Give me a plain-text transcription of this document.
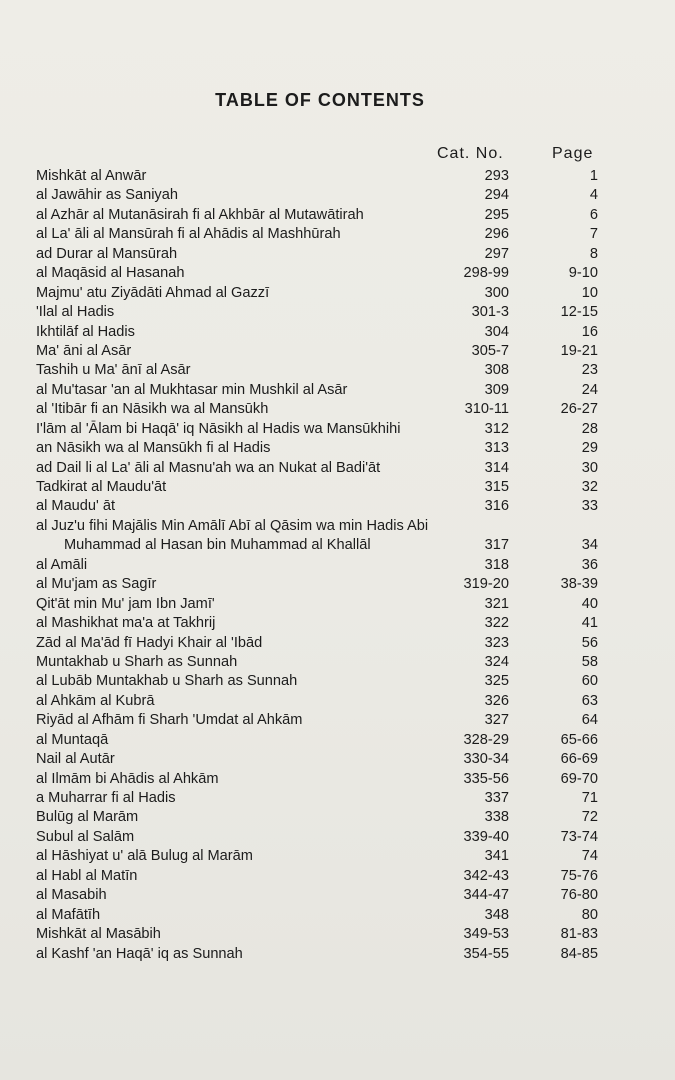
TABLE OF CONTENTS
Cat. No.	Page
Mishkāt al Anwār	293	1
al Jawāhir as Saniyah	294	4
al Azhār al Mutanāsirah fi al Akhbār al Mutawātirah	295	6
al La' āli al Mansūrah fi al Ahādis al Mashhūrah	296	7
ad Durar al Mansūrah	297	8
al Maqāsid al Hasanah	298-99	9-10
Majmu' atu Ziyādāti Ahmad al Gazzī	300	10
'Ilal al Hadis	301-3	12-15
Ikhtilāf al Hadis	304	16
Ma' āni al Asār	305-7	19-21
Tashih u Ma' ānī al Asār	308	23
al Mu'tasar 'an al Mukhtasar min Mushkil al Asār	309	24
al 'Itibār fi an Nāsikh wa al Mansūkh	310-11	26-27
I'lām al 'Ālam bi Haqā' iq Nāsikh al Hadis wa Mansūkhihi	312	28
an Nāsikh wa al Mansūkh fi al Hadis	313	29
ad Dail li al La' āli al Masnu'ah wa an Nukat al Badi'āt	314	30
Tadkirat al Maudu'āt	315	32
al Maudu' āt	316	33
al Juz'u fihi Majālis Min Amālī Abī al Qāsim wa min Hadis Abi
Muhammad al Hasan bin Muhammad al Khallāl	317	34
al Amāli	318	36
al Mu'jam as Sagīr	319-20	38-39
Qit'āt min Mu' jam Ibn Jamī'	321	40
al Mashikhat ma'a at Takhrij	322	41
Zād al Ma'ād fī Hadyi Khair al 'Ibād	323	56
Muntakhab u Sharh as Sunnah	324	58
al Lubāb Muntakhab u Sharh as Sunnah	325	60
al Ahkām al Kubrā	326	63
Riyād al Afhām fi Sharh 'Umdat al Ahkām	327	64
al Muntaqā	328-29	65-66
Nail al Autār	330-34	66-69
al Ilmām bi Ahādis al Ahkām	335-56	69-70
a Muharrar fi al Hadis	337	71
Bulūg al Marām	338	72
Subul al Salām	339-40	73-74
al Hāshiyat u' alā Bulug al Marām	341	74
al Habl al Matīn	342-43	75-76
al Masabih	344-47	76-80
al Mafātīh	348	80
Mishkāt al Masābih	349-53	81-83
al Kashf 'an Haqā' iq as Sunnah	354-55	84-85
